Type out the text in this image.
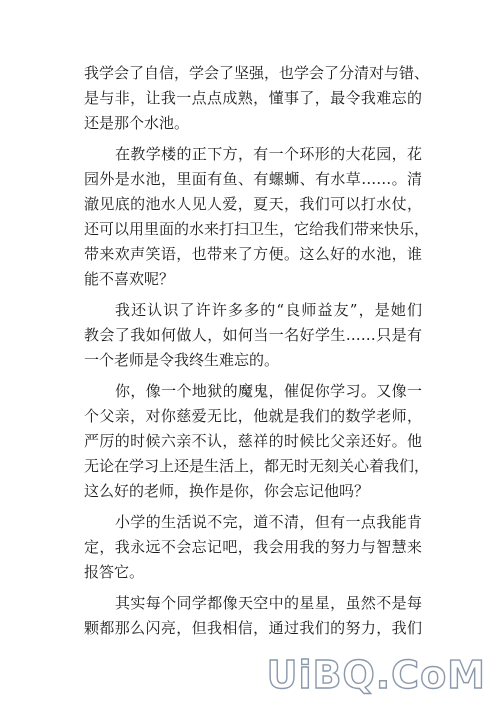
我学会了自信，学会了坚强，也学会了分清对与错、
是与非，让我一点点成熟，懂事了，最令我难忘的
还是那个水池。
在教学楼的正下方，有一个环形的大花园，花
园外是水池，里面有鱼、有螺蛳、有水草……。清
澈见底的池水人见人爱，夏天，我们可以打水仗，
还可以用里面的水来打扫卫生，它给我们带来快乐，
带来欢声笑语，也带来了方便。这么好的水池，谁
能不喜欢呢？
我还认识了许许多多的“良师益友”，是她们
教会了我如何做人，如何当一名好学生……只是有
一个老师是令我终生难忘的。
你，像一个地狱的魔鬼，催促你学习。又像一
个父亲，对你慈爱无比，他就是我们的数学老师，
严厉的时候六亲不认，慈祥的时候比父亲还好。他
无论在学习上还是生活上，都无时无刻关心着我们，
这么好的老师，换作是你，你会忘记他吗？
小学的生活说不完，道不清，但有一点我能肯
定，我永远不会忘记吧，我会用我的努力与智慧来
报答它。
其实每个同学都像天空中的星星，虽然不是每
颗都那么闪亮，但我相信，通过我们的努力，我们
UiBQ.CoM
